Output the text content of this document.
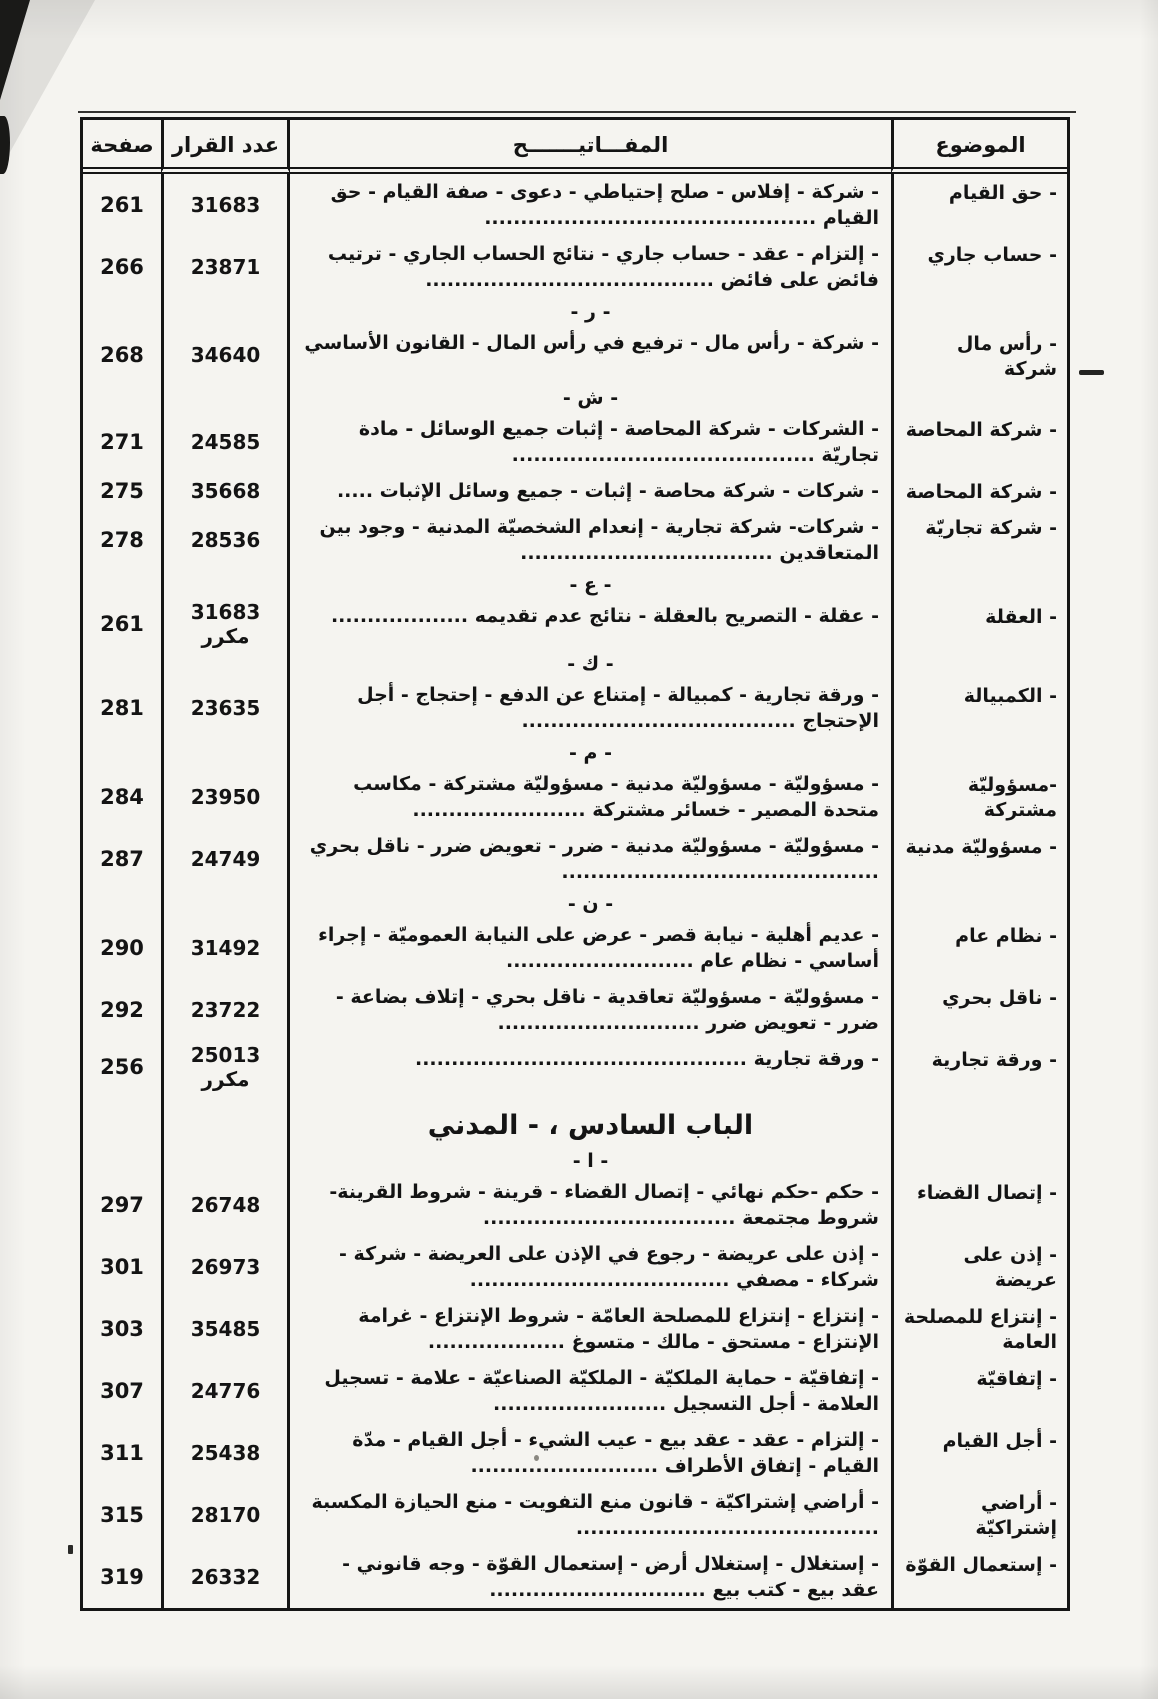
الموضوع
المفـــاتيـــــــح
عدد القرار
صفحة
- حق القيام
- شركة - إفلاس - صلح إحتياطي - دعوى - صفة القيام - حق القيام ..............................................
31683
261
- حساب جاري
- إلتزام - عقد - حساب جاري - نتائج الحساب الجاري - ترتيب فائض على فائض ........................................
23871
266
- ر -
- رأس مال شركة
- شركة - رأس مال - ترفيع في رأس المال - القانون الأساسي
34640
268
- ش -
- شركة المحاصة
- الشركات - شركة المحاصة - إثبات جميع الوسائل - مادة تجاريّة ..........................................
24585
271
- شركة المحاصة
- شركات - شركة محاصة - إثبات - جميع وسائل الإثبات .....
35668
275
- شركة تجاريّة
- شركات- شركة تجارية - إنعدام الشخصيّة المدنية - وجود بين المتعاقدين ...................................
28536
278
- ع -
- العقلة
- عقلة - التصريح بالعقلة - نتائج عدم تقديمه ...................
31683 مكرر
261
- ك -
- الكمبيالة
- ورقة تجارية - كمبيالة - إمتناع عن الدفع - إحتجاج - أجل الإحتجاج ......................................
23635
281
- م -
-مسؤوليّة مشتركة
- مسؤوليّة - مسؤوليّة مدنية - مسؤوليّة مشتركة - مكاسب متحدة المصير - خسائر مشتركة ........................
23950
284
- مسؤوليّة مدنية
- مسؤوليّة - مسؤوليّة مدنية - ضرر - تعويض ضرر - ناقل بحري ............................................
24749
287
- ن -
- نظام عام
- عديم أهلية - نيابة قصر - عرض على النيابة العموميّة - إجراء أساسي - نظام عام ..........................
31492
290
- ناقل بحري
- مسؤوليّة - مسؤوليّة تعاقدية - ناقل بحري - إتلاف بضاعة - ضرر - تعويض ضرر ............................
23722
292
- ورقة تجارية
- ورقة تجارية ..............................................
25013 مكرر
256
الباب السادس ، - المدني
- ا -
- إتصال القضاء
- حكم -حكم نهائي - إتصال القضاء - قرينة - شروط القرينة- شروط مجتمعة ...................................
26748
297
- إذن على عريضة
- إذن على عريضة - رجوع في الإذن على العريضة - شركة - شركاء - مصفي ....................................
26973
301
- إنتزاع للمصلحة العامة
- إنتزاع - إنتزاع للمصلحة العامّة - شروط الإنتزاع - غرامة الإنتزاع - مستحق - مالك - متسوغ ...................
35485
303
- إتفاقيّة
- إتفاقيّة - حماية الملكيّة - الملكيّة الصناعيّة - علامة - تسجيل العلامة - أجل التسجيل ........................
24776
307
- أجل القيام
- إلتزام - عقد - عقد بيع - عيب الشيء - أجل القيام - مدّة القيام - إتفاق الأطراف ..........................
25438
311
- أراضي إشتراكيّة
- أراضي إشتراكيّة - قانون منع التفويت - منع الحيازة المكسبة ..........................................
28170
315
- إستعمال القوّة
- إستغلال - إستغلال أرض - إستعمال القوّة - وجه قانوني - عقد بيع - كتب بيع ..............................
26332
319
